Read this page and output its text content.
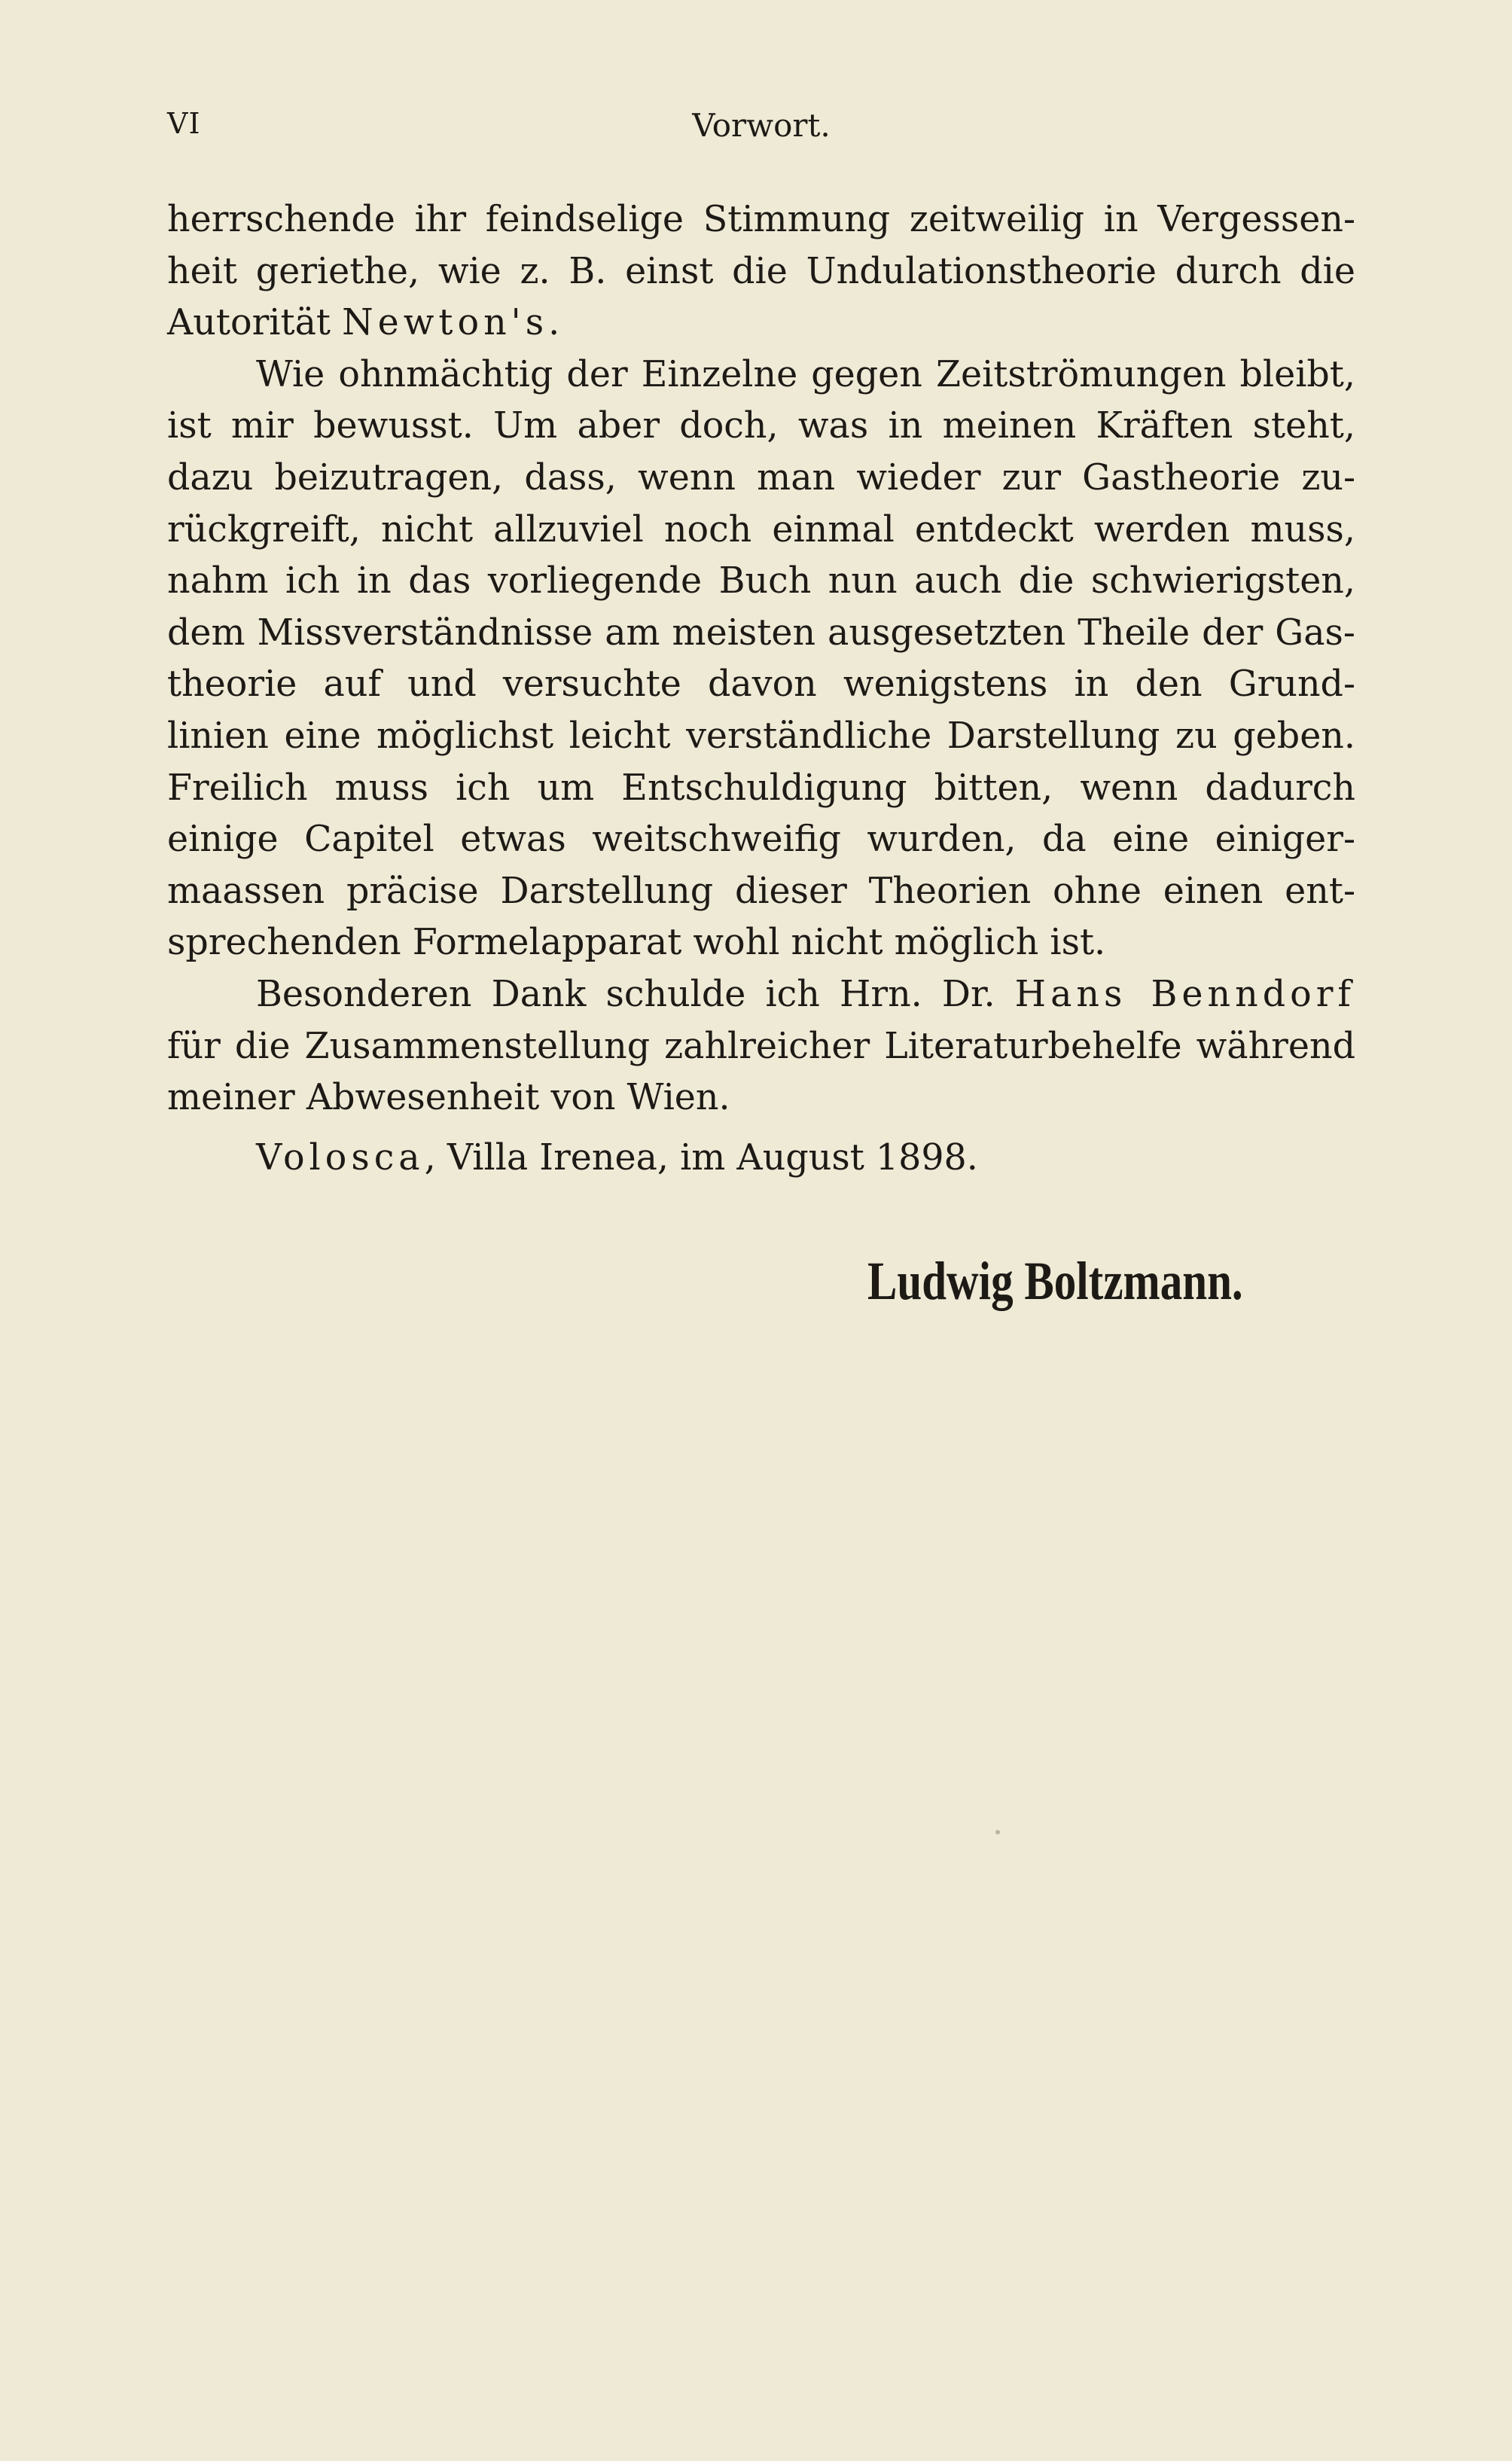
VI	Vorwort.
herrschende ihr feindselige Stimmung zeitweilig in Vergessen-
heit geriethe, wie z. B. einst die Undulationstheorie durch die
Autorität Newton's.
Wie ohnmächtig der Einzelne gegen Zeitströmungen bleibt,
ist mir bewusst. Um aber doch, was in meinen Kräften steht,
dazu beizutragen, dass, wenn man wieder zur Gastheorie zu-
rückgreift, nicht allzuviel noch einmal entdeckt werden muss,
nahm ich in das vorliegende Buch nun auch die schwierigsten,
dem Missverständnisse am meisten ausgesetzten Theile der Gas-
theorie auf und versuchte davon wenigstens in den Grund-
linien eine möglichst leicht verständliche Darstellung zu geben.
Freilich muss ich um Entschuldigung bitten, wenn dadurch
einige Capitel etwas weitschweifig wurden, da eine einiger-
maassen präcise Darstellung dieser Theorien ohne einen ent-
sprechenden Formelapparat wohl nicht möglich ist.
Besonderen Dank schulde ich Hrn. Dr. Hans Benndorf
für die Zusammenstellung zahlreicher Literaturbehelfe während
meiner Abwesenheit von Wien.
Volosca, Villa Irenea, im August 1898.
Ludwig Boltzmann.
